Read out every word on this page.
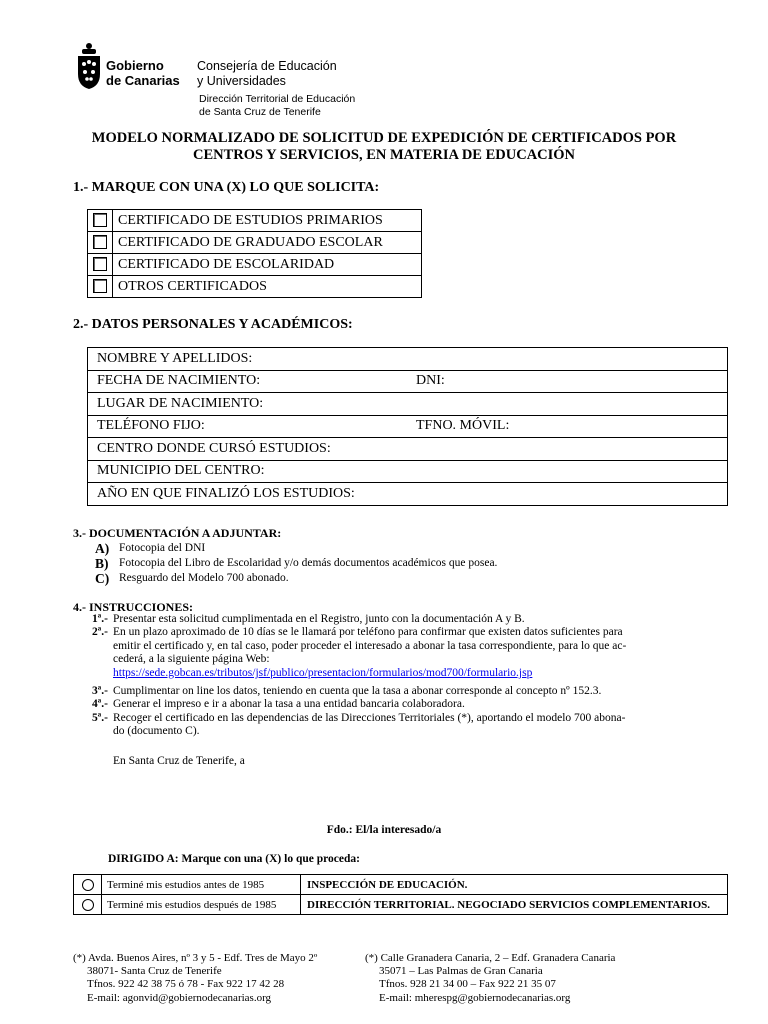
Gobierno
de Canarias
Consejería de Educación
y Universidades
Dirección Territorial de Educación
de Santa Cruz de Tenerife
MODELO NORMALIZADO DE SOLICITUD DE EXPEDICIÓN DE CERTIFICADOS POR
CENTROS Y SERVICIOS, EN MATERIA DE EDUCACIÓN
1.- MARQUE CON UNA (X) LO QUE SOLICITA:
	CERTIFICADO DE ESTUDIOS PRIMARIOS
	CERTIFICADO DE GRADUADO ESCOLAR
	CERTIFICADO DE ESCOLARIDAD
	OTROS CERTIFICADOS
2.- DATOS PERSONALES Y ACADÉMICOS:
NOMBRE Y APELLIDOS:	
FECHA DE NACIMIENTO:	DNI:
LUGAR DE NACIMIENTO:	
TELÉFONO FIJO:	TFNO. MÓVIL:
CENTRO DONDE CURSÓ ESTUDIOS:	
MUNICIPIO DEL CENTRO:	
AÑO EN QUE FINALIZÓ LOS ESTUDIOS:	
3.- DOCUMENTACIÓN A ADJUNTAR:
A) Fotocopia del DNI
B) Fotocopia del Libro de Escolaridad y/o demás documentos académicos que posea.
C) Resguardo del Modelo 700 abonado.
4.- INSTRUCCIONES:
1ª.- Presentar esta solicitud cumplimentada en el Registro, junto con la documentación A y B.
2ª.- En un plazo aproximado de 10 días se le llamará por teléfono para confirmar que existen datos suficientes para
emitir el certificado y, en tal caso, poder proceder el interesado a abonar la tasa correspondiente, para lo que ac-
cederá, a la siguiente página Web:
https://sede.gobcan.es/tributos/jsf/publico/presentacion/formularios/mod700/formulario.jsp
3ª.- Cumplimentar on line los datos, teniendo en cuenta que la tasa a abonar corresponde al concepto nº 152.3.
4ª.- Generar el impreso e ir a abonar la tasa a una entidad bancaria colaboradora.
5ª.- Recoger el certificado en las dependencias de las Direcciones Territoriales (*), aportando el modelo 700 abona-
do (documento C).
En Santa Cruz de Tenerife, a
Fdo.: El/la interesado/a
DIRIGIDO A: Marque con una (X) lo que proceda:
	Terminé mis estudios antes de 1985	INSPECCIÓN DE EDUCACIÓN.
	Terminé mis estudios después de 1985	DIRECCIÓN TERRITORIAL. NEGOCIADO SERVICIOS COMPLEMENTARIOS.
(*) Avda. Buenos Aires, nº 3 y 5 - Edf. Tres de Mayo 2º
38071- Santa Cruz de Tenerife
Tfnos. 922 42 38 75 ó 78 - Fax 922 17 42 28
E-mail: agonvid@gobiernodecanarias.org
(*) Calle Granadera Canaria, 2 – Edf. Granadera Canaria
35071 – Las Palmas de Gran Canaria
Tfnos. 928 21 34 00 – Fax 922 21 35 07
E-mail: mherespg@gobiernodecanarias.org
